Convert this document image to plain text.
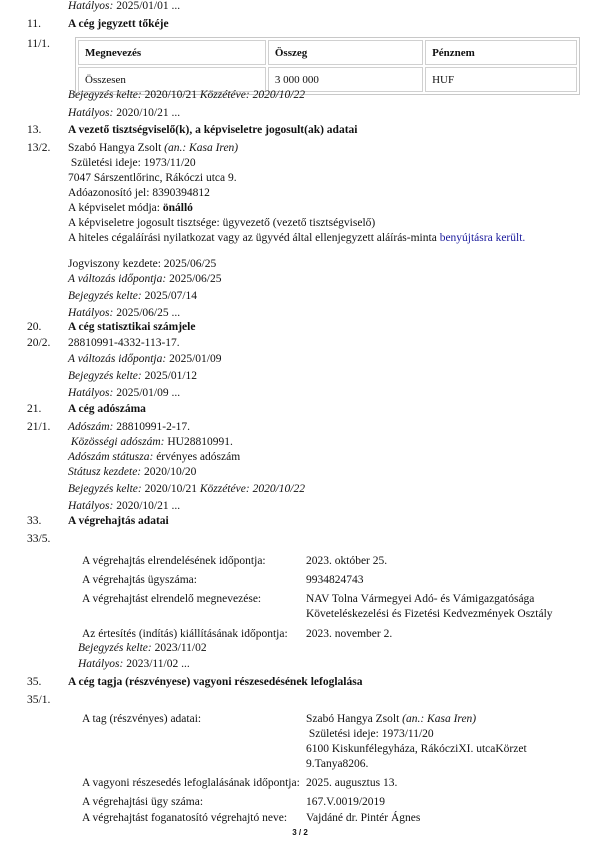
Hatályos: 2025/01/01 ...
11. A cég jegyzett tőkéje
11/1.
Megnevezés	Összeg	Pénznem
Összesen	3 000 000	HUF
Bejegyzés kelte: 2020/10/21 Közzétéve: 2020/10/22
Hatályos: 2020/10/21 ...
13. A vezető tisztségviselő(k), a képviseletre jogosult(ak) adatai
13/2. Szabó Hangya Zsolt (an.: Kasa Iren)
Születési ideje: 1973/11/20
7047 Sárszentlőrinc, Rákóczi utca 9.
Adóazonosító jel: 8390394812
A képviselet módja: önálló
A képviseletre jogosult tisztsége: ügyvezető (vezető tisztségviselő)
A hiteles cégaláírási nyilatkozat vagy az ügyvéd által ellenjegyzett aláírás-minta benyújtásra került.
Jogviszony kezdete: 2025/06/25
A változás időpontja: 2025/06/25
Bejegyzés kelte: 2025/07/14
Hatályos: 2025/06/25 ...
20. A cég statisztikai számjele
20/2. 28810991-4332-113-17.
A változás időpontja: 2025/01/09
Bejegyzés kelte: 2025/01/12
Hatályos: 2025/01/09 ...
21. A cég adószáma
21/1. Adószám: 28810991-2-17.
Közösségi adószám: HU28810991.
Adószám státusza: érvényes adószám
Státusz kezdete: 2020/10/20
Bejegyzés kelte: 2020/10/21 Közzétéve: 2020/10/22
Hatályos: 2020/10/21 ...
33. A végrehajtás adatai
33/5.
A végrehajtás elrendelésének időpontja:	2023. október 25.
A végrehajtás ügyszáma:	9934824743
A végrehajtást elrendelő megnevezése:	NAV Tolna Vármegyei Adó- és Vámigazgatósága
Követeléskezelési és Fizetési Kedvezmények Osztály
Az értesítés (indítás) kiállításának időpontja: 2023. november 2.
Bejegyzés kelte: 2023/11/02
Hatályos: 2023/11/02 ...
35. A cég tagja (részvényese) vagyoni részesedésének lefoglalása
35/1.
A tag (részvényes) adatai:	Szabó Hangya Zsolt (an.: Kasa Iren)
Születési ideje: 1973/11/20
6100 Kiskunfélegyháza, RákócziXI. utcaKörzet
9.Tanya8206.
A vagyoni részesedés lefoglalásának időpontja: 2025. augusztus 13.
A végrehajtási ügy száma:	167.V.0019/2019
A végrehajtást foganatosító végrehajtó neve: Vajdáné dr. Pintér Ágnes
3 / 2
